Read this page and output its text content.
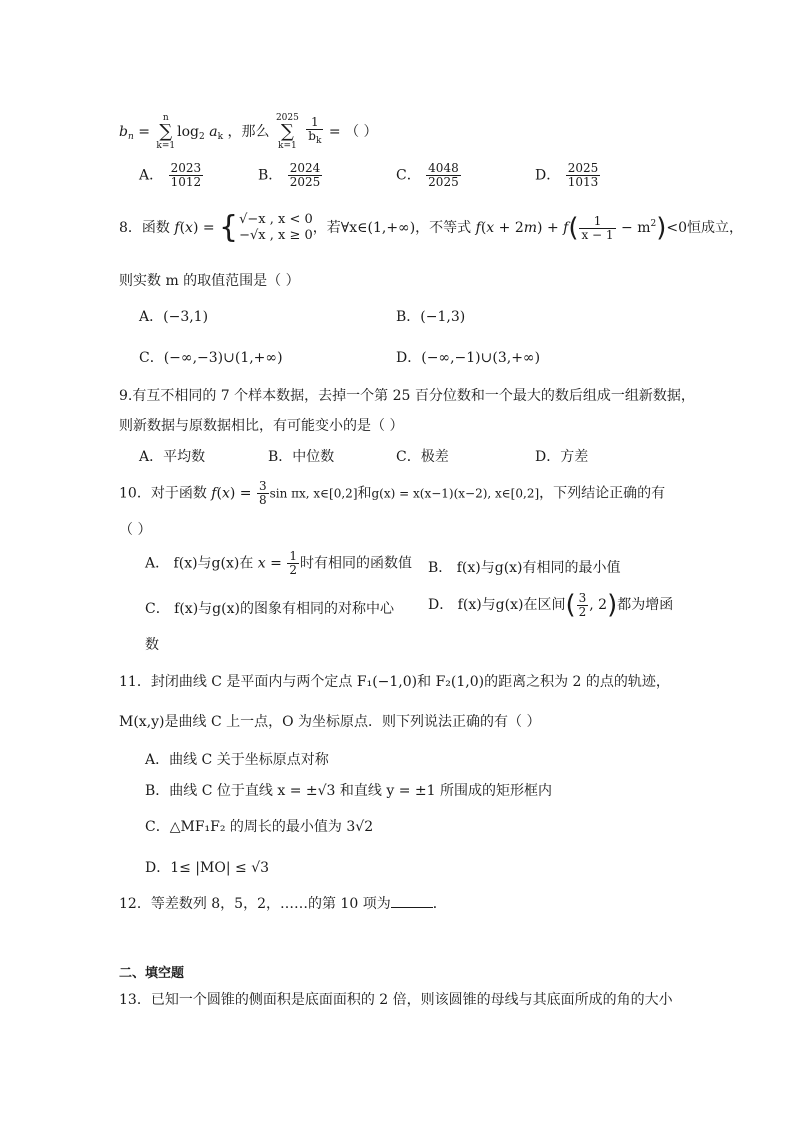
$b_n = n$
∑
$k=1\log_2$ $a_k$ ，那么 2025
∑
$k=1 \frac{1}{b_k}$ = （ ）
A． $\frac{2023}{1012}$	B． $\frac{2024}{2025}$	C． $\frac{4048}{2025}$	D． $\frac{2025}{1013}$
8．函数 f(x) = {√−x , x < 0
−√x , x ≥ 0，若∀x∈(1,+∞)，不等式 $f(x + 2m) + f( \frac{1}{x - 1} - m^2)<0$恒成立，
则实数 m 的取值范围是（ ）
A．(−3,1)	B．(−1,3)
C．(−∞,−3)∪(1,+∞)	D．(−∞,−1)∪(3,+∞)
9.有互不相同的 7 个样本数据，去掉一个第 25 百分位数和一个最大的数后组成一组新数据，
则新数据与原数据相比，有可能变小的是（ ）
A．平均数	B．中位数	C．极差	D．方差
10．对于函数 $f(x) = \frac{3}{8}$ sin πx, x∈[0,2]和g(x) = x(x−1)(x−2), x∈[0,2]，下列结论正确的有
（ ）
A． f(x)与g(x)在 $x = \frac{1}{2}$ 时有相同的函数值 B． f(x)与g(x)有相同的最小值
C． f(x)与g(x)的图象有相同的对称中心 D． f(x)与g(x)在区间( $\frac{3}{2}$ , 2)都为增函
数
11．封闭曲线 C 是平面内与两个定点 F₁(−1,0)和 F₂(1,0)的距离之积为 2 的点的轨迹，
M(x,y)是曲线 C 上一点，O 为坐标原点．则下列说法正确的有（ ）
A．曲线 C 关于坐标原点对称
B．曲线 C 位于直线 x = ±√3 和直线 y = ±1 所围成的矩形框内
C．△MF₁F₂ 的周长的最小值为 3√2
D．1≤ |MO| ≤ √3
12．等差数列 8，5，2，……的第 10 项为	．
二、填空题
13．已知一个圆锥的侧面积是底面面积的 2 倍，则该圆锥的母线与其底面所成的角的大小
